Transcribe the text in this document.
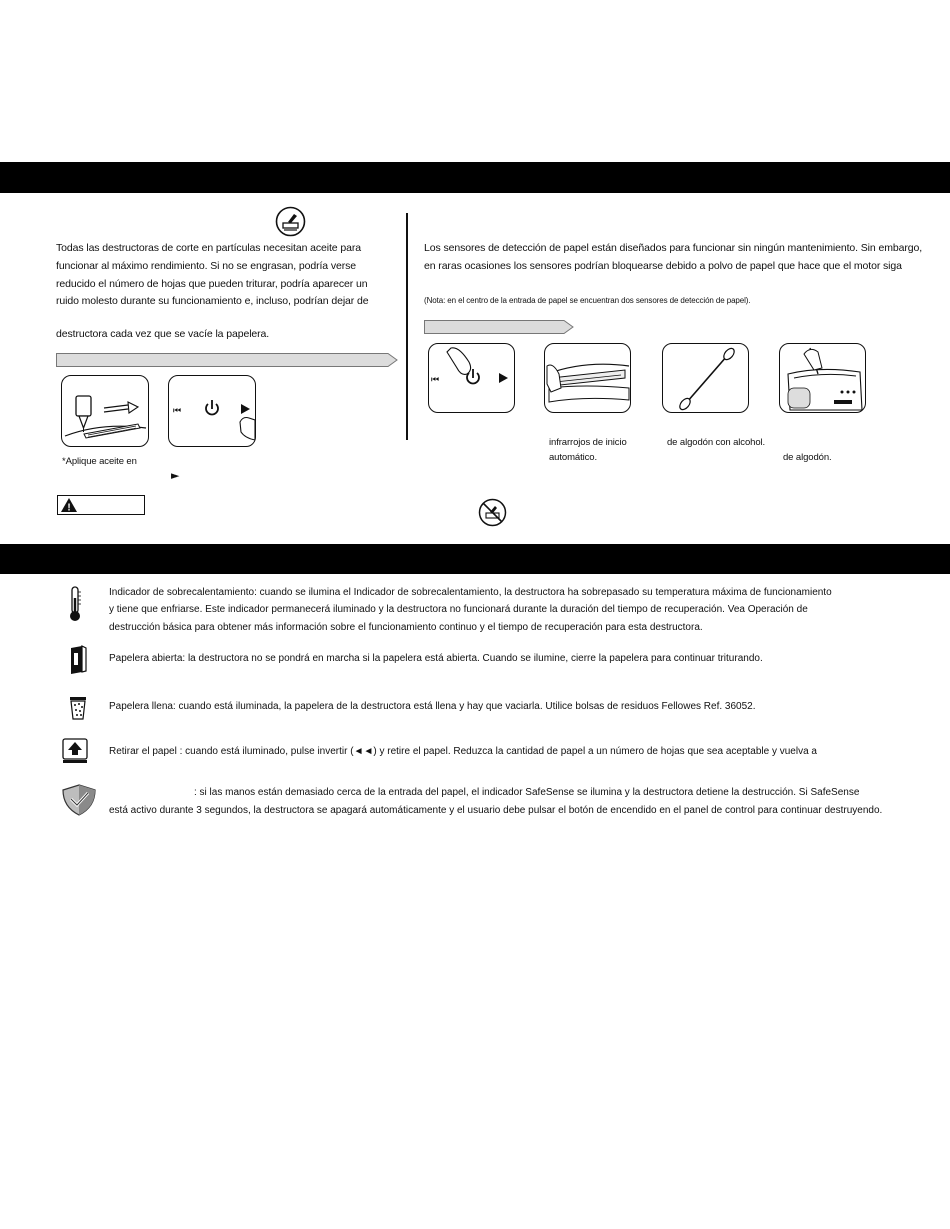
Todas las destructoras de corte en partículas necesitan aceite para
funcionar al máximo rendimiento. Si no se engrasan, podría verse
reducido el número de hojas que pueden triturar, podría aparecer un
ruido molesto durante su funcionamiento e, incluso, podrían dejar de
destructora cada vez que se vacíe la papelera.
⏮
*Aplique aceite en
►
!
Los sensores de detección de papel están diseñados para funcionar sin ningún mantenimiento. Sin embargo,
en raras ocasiones los sensores podrían bloquearse debido a polvo de papel que hace que el motor siga
(Nota: en el centro de la entrada de papel se encuentran dos sensores de detección de papel).
⏮
infrarrojos de inicio
automático.
de algodón con alcohol.
de algodón.
Indicador de sobrecalentamiento: cuando se ilumina el Indicador de sobrecalentamiento, la destructora ha sobrepasado su temperatura máxima de funcionamiento
y tiene que enfriarse. Este indicador permanecerá iluminado y la destructora no funcionará durante la duración del tiempo de recuperación. Vea Operación de
destrucción básica para obtener más información sobre el funcionamiento continuo y el tiempo de recuperación para esta destructora.
Papelera abierta: la destructora no se pondrá en marcha si la papelera está abierta. Cuando se ilumine, cierre la papelera para continuar triturando.
Papelera llena: cuando está iluminada, la papelera de la destructora está llena y hay que vaciarla. Utilice bolsas de residuos Fellowes Ref. 36052.
Retirar el papel : cuando está iluminado, pulse invertir (◄◄) y retire el papel. Reduzca la cantidad de papel a un número de hojas que sea aceptable y vuelva a
: si las manos están demasiado cerca de la entrada del papel, el indicador SafeSense se ilumina y la destructora detiene la destrucción. Si SafeSense
está activo durante 3 segundos, la destructora se apagará automáticamente y el usuario debe pulsar el botón de encendido en el panel de control para continuar destruyendo.
